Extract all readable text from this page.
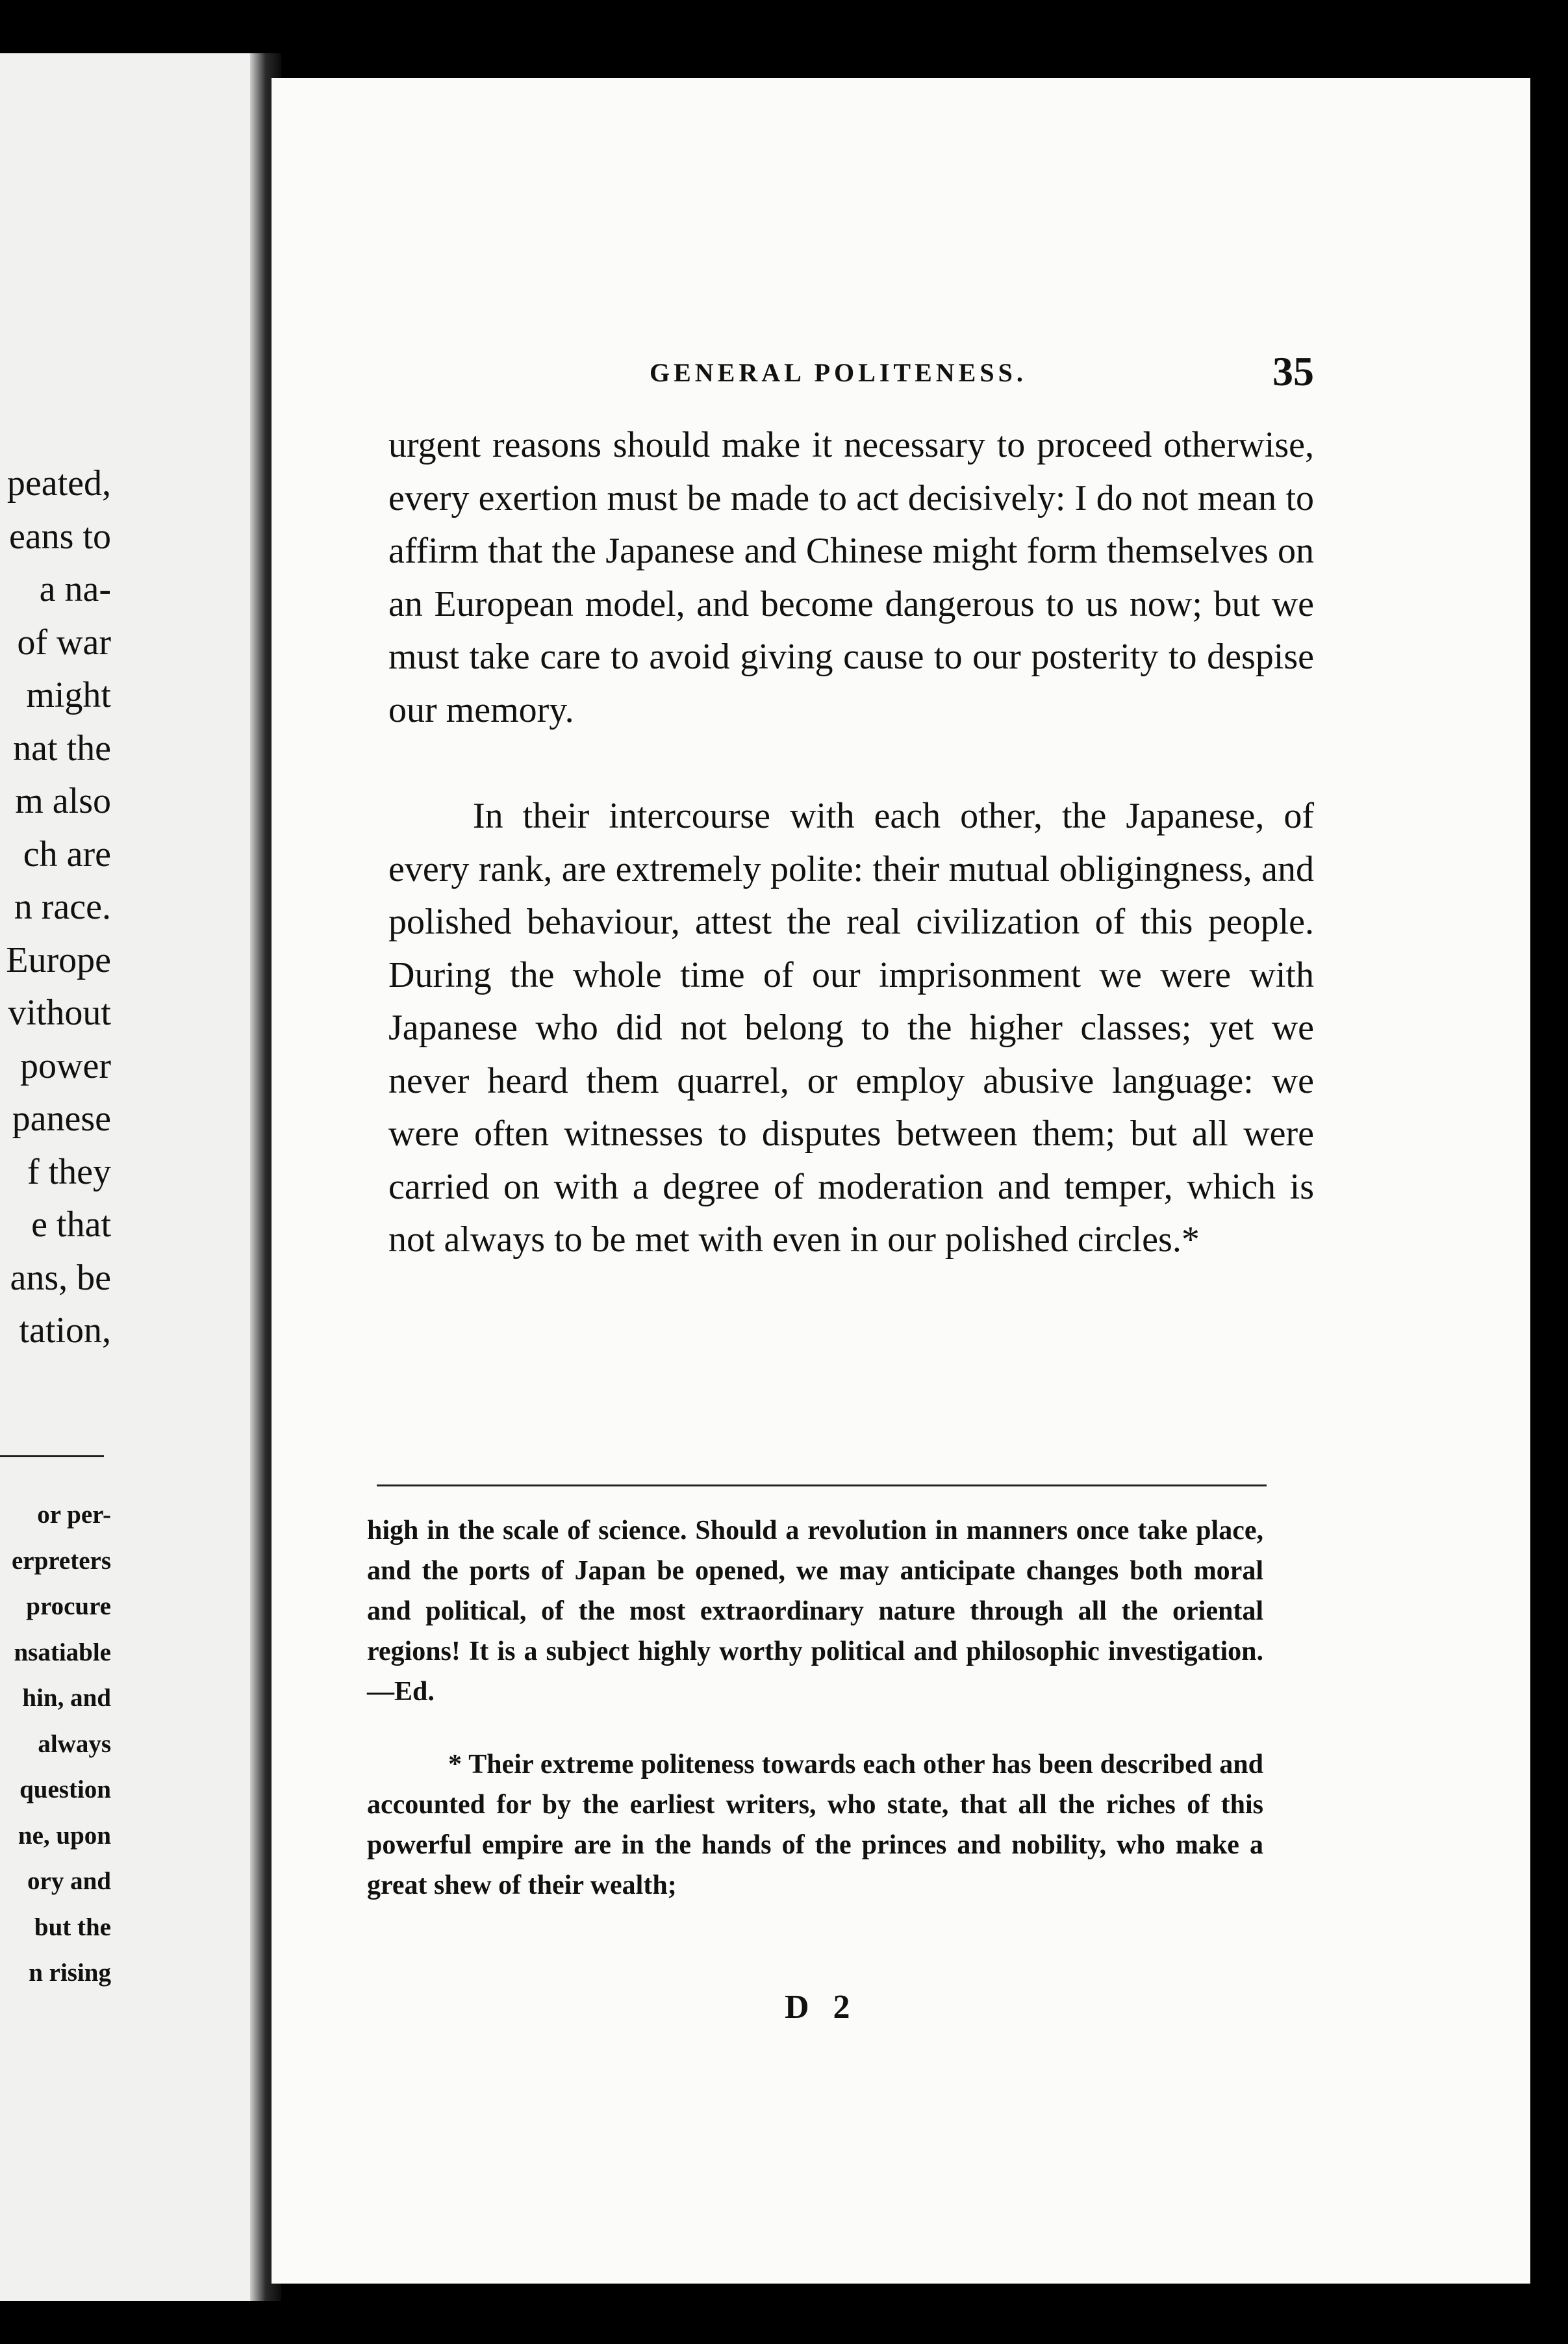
peated,
eans to
a na-
of war
might
nat the
m also
ch are
n race.
Europe
vithout
power
panese
f they
e that
ans, be
tation,
or per-
erpreters
procure
nsatiable
hin, and
always
question
ne, upon
ory and
but the
n rising
GENERAL POLITENESS.	35

urgent reasons should make it necessary to proceed otherwise, every exertion must be made to act decisively: I do not mean to affirm that the Japanese and Chinese might form themselves on an European model, and become dangerous to us now; but we must take care to avoid giving cause to our posterity to despise our memory.

In their intercourse with each other, the Japanese, of every rank, are extremely polite: their mutual obligingness, and polished behaviour, attest the real civilization of this people. During the whole time of our imprisonment we were with Japanese who did not belong to the higher classes; yet we never heard them quarrel, or employ abusive language: we were often witnesses to disputes between them; but all were carried on with a degree of moderation and temper, which is not always to be met with even in our polished circles.*

high in the scale of science. Should a revolution in manners once take place, and the ports of Japan be opened, we may anticipate changes both moral and political, of the most extraordinary nature through all the oriental regions! It is a subject highly worthy political and philosophic investigation.—Ed.

* Their extreme politeness towards each other has been described and accounted for by the earliest writers, who state, that all the riches of this powerful empire are in the hands of the princes and nobility, who make a great shew of their wealth;

D 2
